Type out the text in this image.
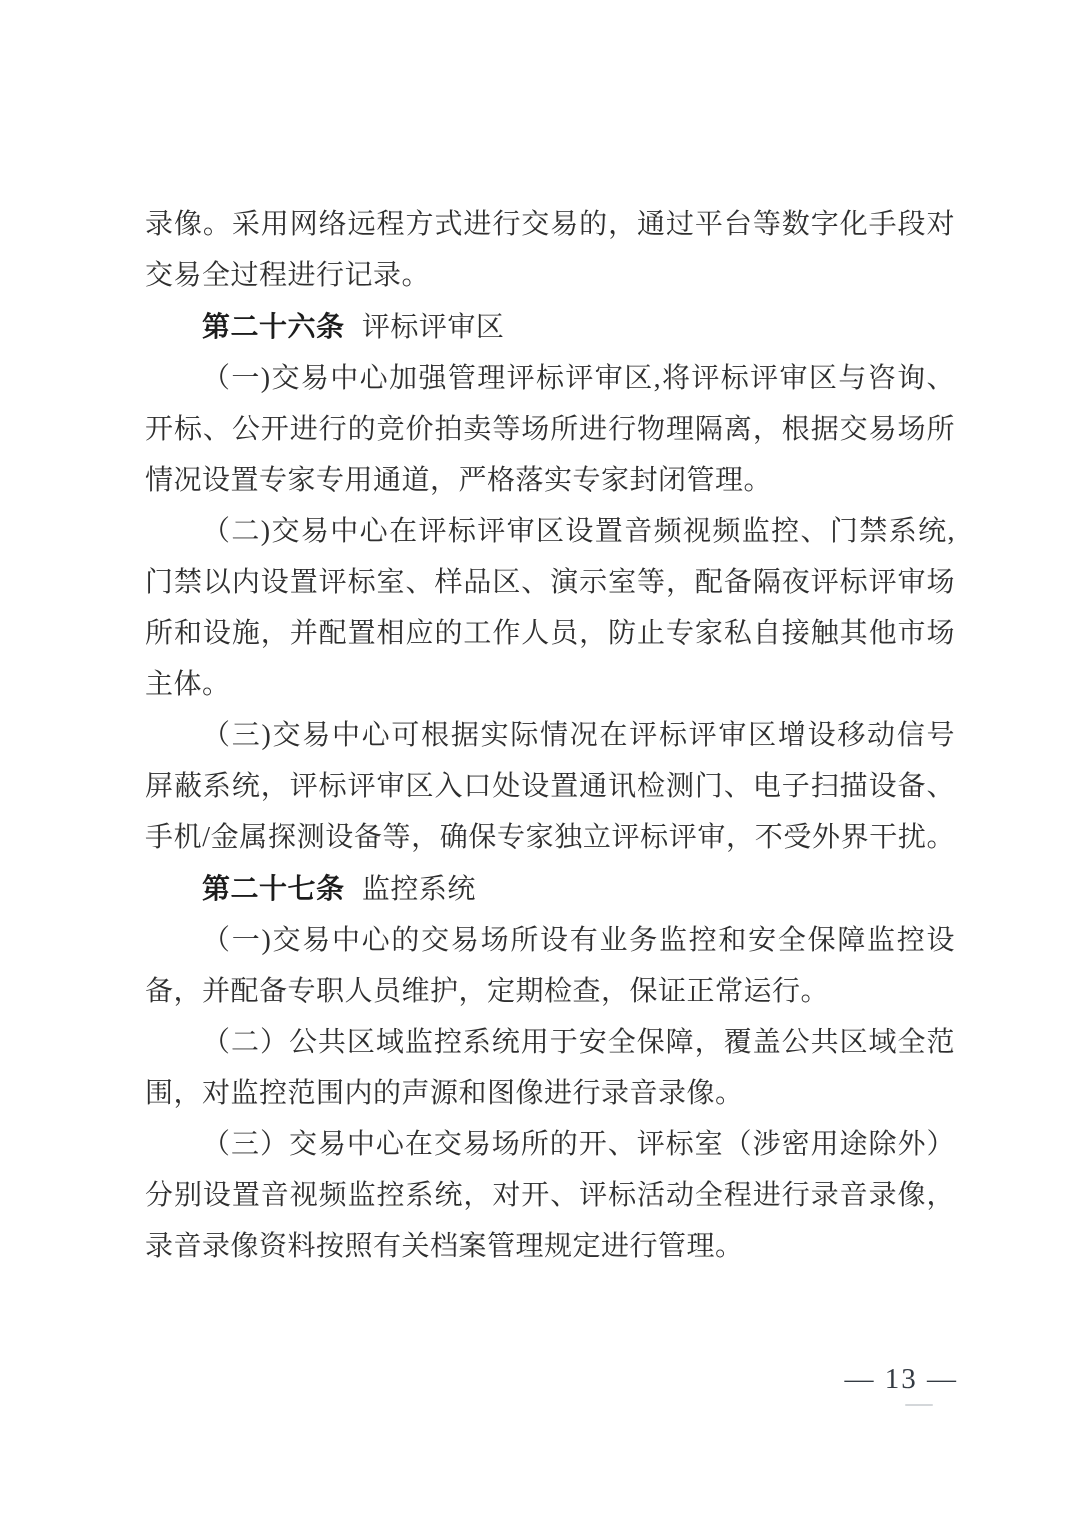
录像。采用网络远程方式进行交易的，通过平台等数字化手段对
交易全过程进行记录。
第二十六条 评标评审区
（一)交易中心加强管理评标评审区,将评标评审区与咨询、
开标、公开进行的竞价拍卖等场所进行物理隔离，根据交易场所
情况设置专家专用通道，严格落实专家封闭管理。
（二)交易中心在评标评审区设置音频视频监控、门禁系统,
门禁以内设置评标室、样品区、演示室等，配备隔夜评标评审场
所和设施，并配置相应的工作人员，防止专家私自接触其他市场
主体。
（三)交易中心可根据实际情况在评标评审区增设移动信号
屏蔽系统，评标评审区入口处设置通讯检测门、电子扫描设备、
手机/金属探测设备等，确保专家独立评标评审，不受外界干扰。
第二十七条 监控系统
（一)交易中心的交易场所设有业务监控和安全保障监控设
备，并配备专职人员维护，定期检查，保证正常运行。
（二）公共区域监控系统用于安全保障，覆盖公共区域全范
围，对监控范围内的声源和图像进行录音录像。
（三）交易中心在交易场所的开、评标室（涉密用途除外）
分别设置音视频监控系统，对开、评标活动全程进行录音录像，
录音录像资料按照有关档案管理规定进行管理。
— 13 —
